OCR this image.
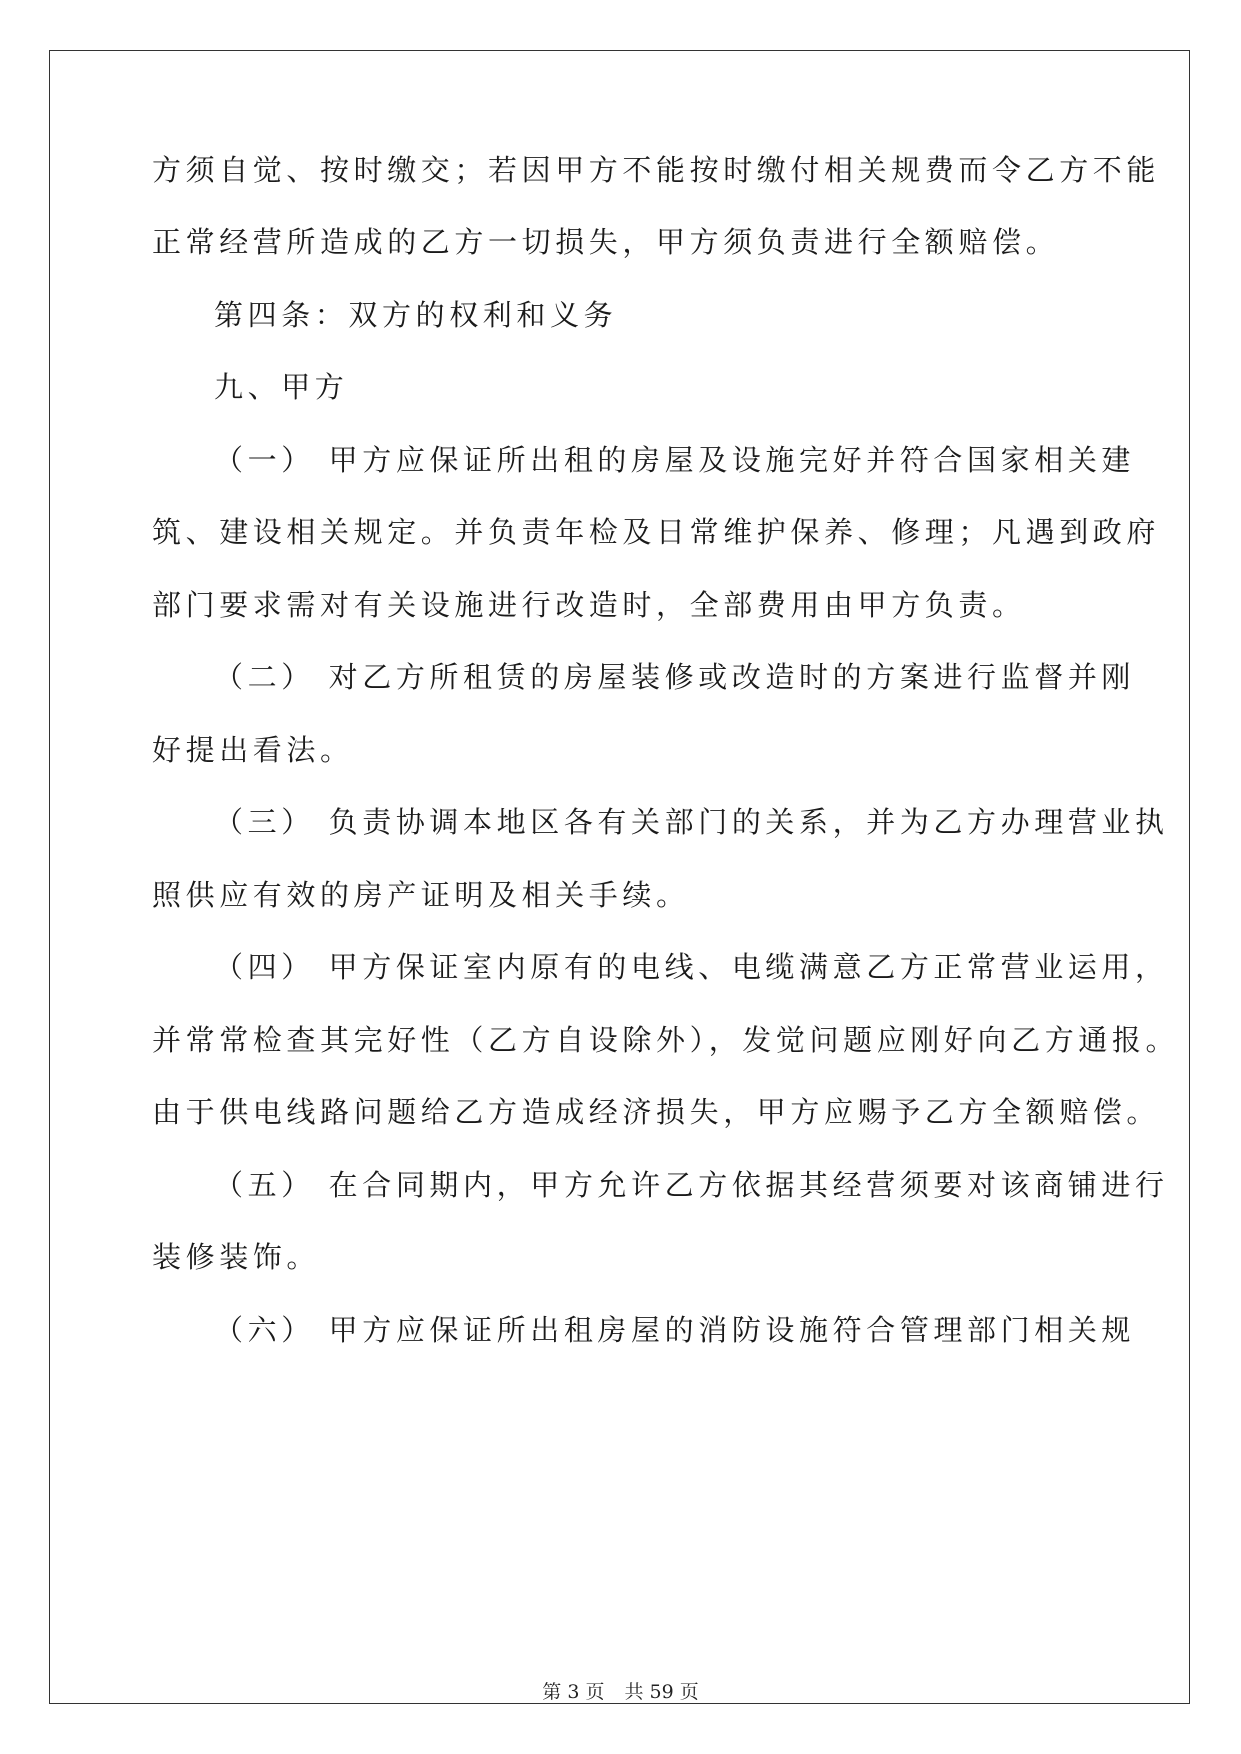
方须自觉、按时缴交；若因甲方不能按时缴付相关规费而令乙方不能

正常经营所造成的乙方一切损失，甲方须负责进行全额赔偿。

第四条：双方的权利和义务

九、甲方

（一） 甲方应保证所出租的房屋及设施完好并符合国家相关建

筑、建设相关规定。并负责年检及日常维护保养、修理；凡遇到政府

部门要求需对有关设施进行改造时，全部费用由甲方负责。

（二） 对乙方所租赁的房屋装修或改造时的方案进行监督并刚

好提出看法。

（三） 负责协调本地区各有关部门的关系，并为乙方办理营业执

照供应有效的房产证明及相关手续。

（四） 甲方保证室内原有的电线、电缆满意乙方正常营业运用，

并常常检查其完好性（乙方自设除外），发觉问题应刚好向乙方通报。

由于供电线路问题给乙方造成经济损失，甲方应赐予乙方全额赔偿。

（五） 在合同期内，甲方允许乙方依据其经营须要对该商铺进行

装修装饰。

（六） 甲方应保证所出租房屋的消防设施符合管理部门相关规

第 3 页 共 59 页
